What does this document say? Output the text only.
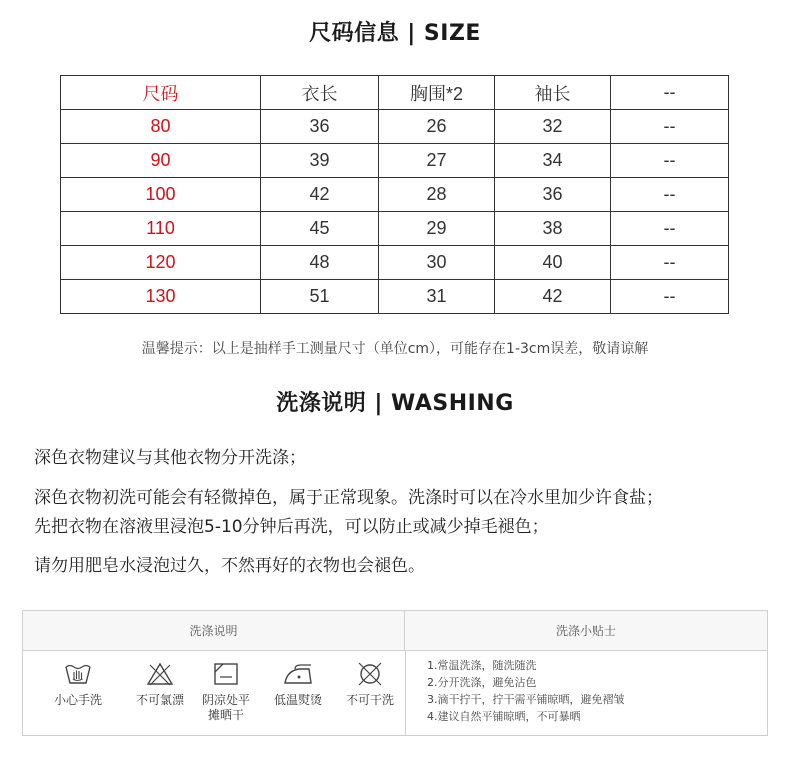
尺码信息 | SIZE
尺码	衣长	胸围*2	袖长	--
80	36	26	32	--
90	39	27	34	--
100	42	28	36	--
110	45	29	38	--
120	48	30	40	--
130	51	31	42	--
温馨提示：以上是抽样手工测量尺寸（单位cm），可能存在1-3cm误差，敬请谅解
洗涤说明 | WASHING
深色衣物建议与其他衣物分开洗涤；
深色衣物初洗可能会有轻微掉色，属于正常现象。洗涤时可以在冷水里加少许食盐；
先把衣物在溶液里浸泡5-10分钟后再洗，可以防止或减少掉毛褪色；
请勿用肥皂水浸泡过久，不然再好的衣物也会褪色。
洗涤说明	洗涤小贴士
小心手洗	不可氯漂	阴凉处平
摊晒干
低温熨烫	不可干洗
1.常温洗涤，随洗随洗
2.分开洗涤，避免沾色
3.滴干拧干，拧干需平铺晾晒，避免褶皱
4.建议自然平铺晾晒，不可暴晒
